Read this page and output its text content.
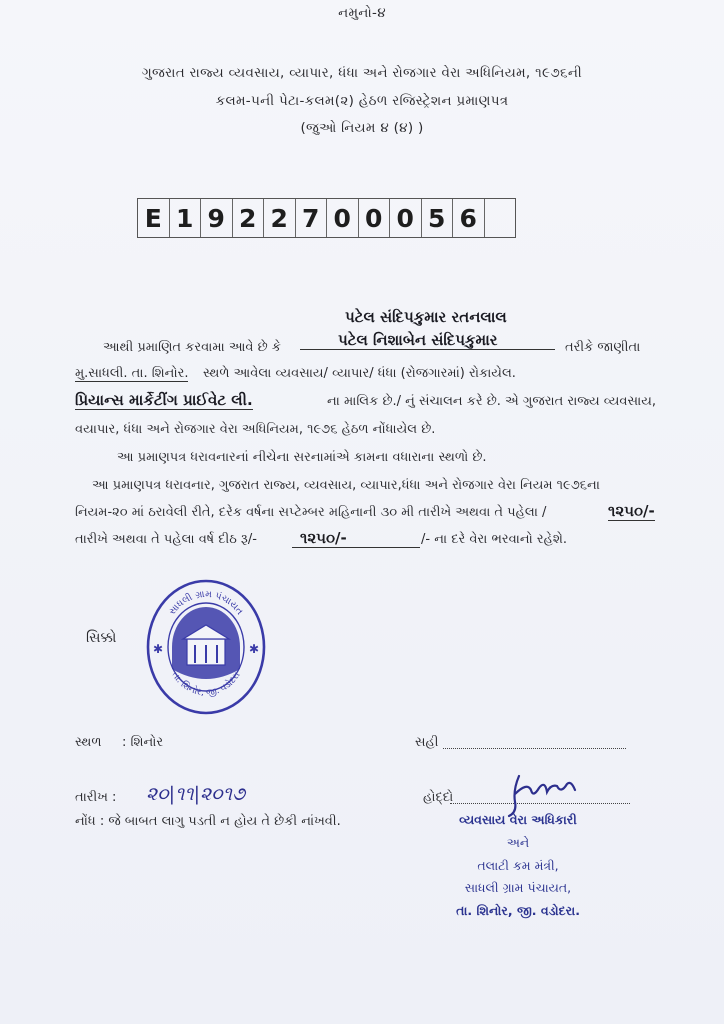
નમુનો-૪
ગુજરાત રાજ્ય વ્યવસાય, વ્યાપાર, ધંધા અને રોજગાર વેરા અધિનિયમ, ૧૯૭૬ની
કલમ-૫ની પેટા-કલમ(૨) હેઠળ રજિસ્ટ્રેશન પ્રમાણપત્ર
(જુઓ નિયમ ૪ (૪) )
E 1 9 2 2 7 0 0 0 5 6
પટેલ સંદિપકુમાર રતનલાલ
પટેલ નિશાબેન સંદિપકુમાર
આથી પ્રમાણિત કરવામા આવે છે કે	તરીકે જાણીતા
મુ.સાધલી. તા. શિનોર. સ્થળે આવેલા વ્યવસાય/ વ્યાપાર/ ધંધા (રોજગારમાં) રોકાયેલ.
પ્રિયાન્સ માર્કેટીંગ પ્રાઈવેટ લી.	ના માલિક છે./ નું સંચાલન કરે છે. એ ગુજરાત રાજ્ય વ્યવસાય,
વયાપાર, ધંધા અને રોજગાર વેરા અધિનિયમ, ૧૯૭૬ હેઠળ નોંધાયેલ છે.
આ પ્રમાણપત્ર ધરાવનારનાં નીચેના સરનામાંએ કામના વધારાના સ્થળો છે.
આ પ્રમાણપત્ર ધરાવનાર, ગુજરાત રાજ્ય, વ્યવસાય, વ્યાપાર,ધંધા અને રોજગાર વેરા નિયમ ૧૯૭૬ના
નિયમ-૨૦ માં ઠરાવેલી રીતે, દરેક વર્ષના સપ્ટેમ્બર મહિનાની ૩૦ મી તારીખે અથવા તે પહેલા /	૧૨૫૦/-
તારીખે અથવા તે પહેલા વર્ષ દીઠ રૂ/-	૧૨૫૦/-	/- ના દરે વેરા ભરવાનો રહેશે.
સિક્કો
સાધલી ગ્રામ પંચાયત
તા. શિનોર, જી. વડોદરા
✱	✱
સ્થળ : શિનોર
તારીખ : ૨૦|૧૧|૨૦૧૭
નોંધ : જે બાબત લાગુ પડતી ન હોય તે છેકી નાંખવી.
સહી
હોદ્દો
વ્યવસાય વેરા અધિકારી
અને
તલાટી કમ મંત્રી,
સાધલી ગ્રામ પંચાયત,
તા. શિનોર, જી. વડોદરા.
